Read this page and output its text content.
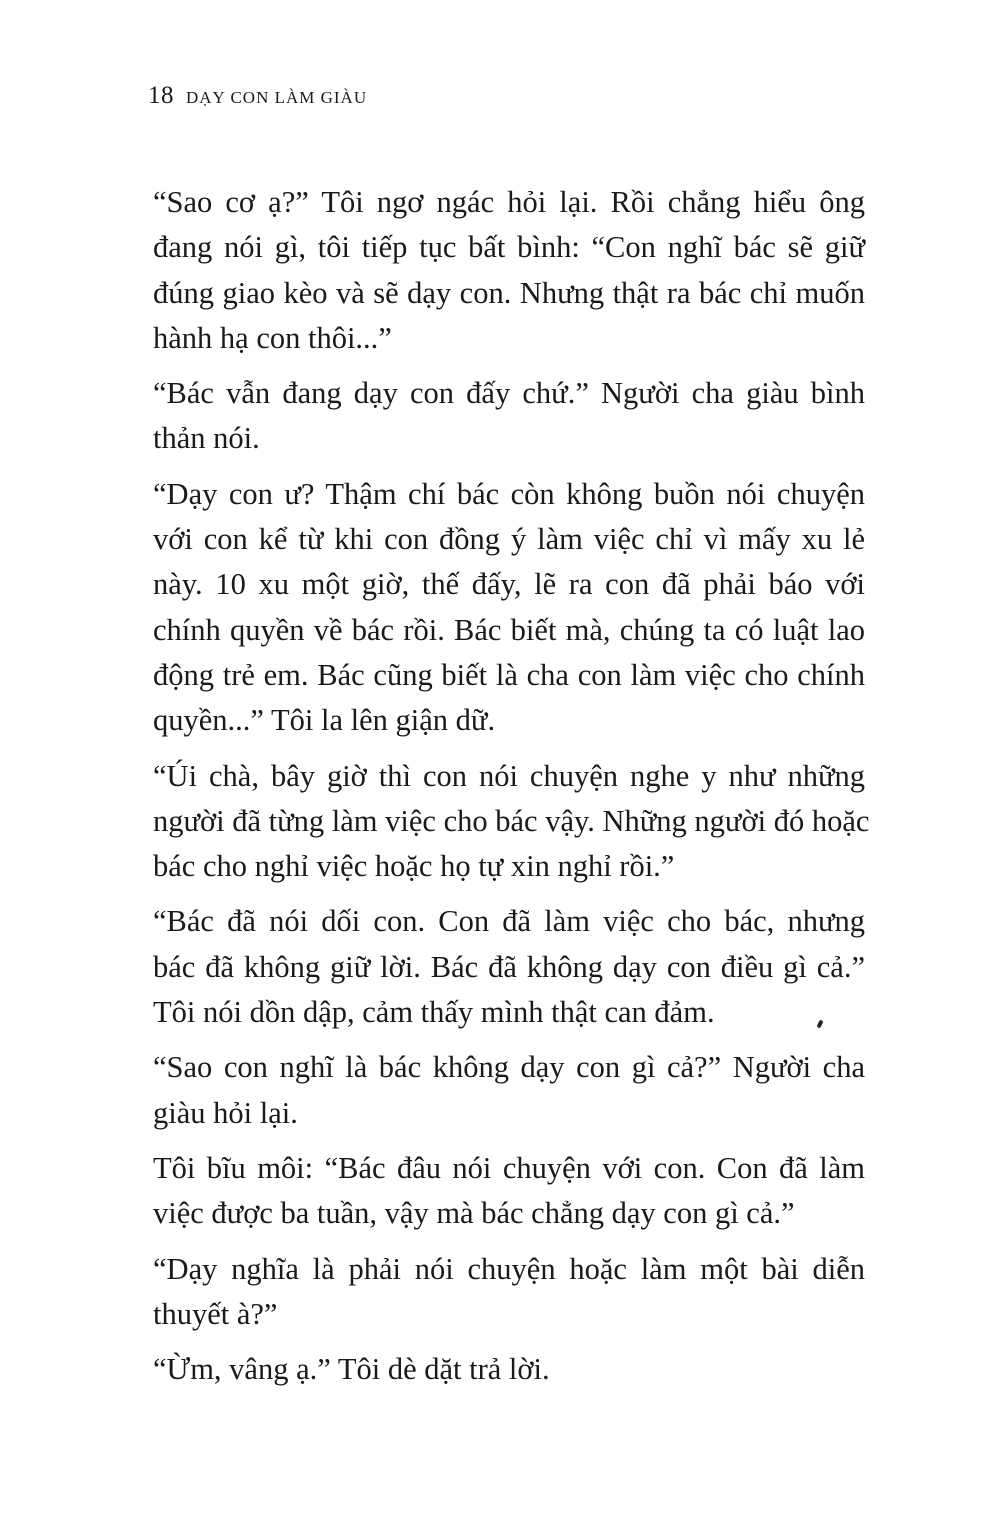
18 DẠY CON LÀM GIÀU

“Sao cơ ạ?” Tôi ngơ ngác hỏi lại. Rồi chẳng hiểu ông
đang nói gì, tôi tiếp tục bất bình: “Con nghĩ bác sẽ giữ
đúng giao kèo và sẽ dạy con. Nhưng thật ra bác chỉ muốn
hành hạ con thôi...”

“Bác vẫn đang dạy con đấy chứ.” Người cha giàu bình
thản nói.

“Dạy con ư? Thậm chí bác còn không buồn nói chuyện
với con kể từ khi con đồng ý làm việc chỉ vì mấy xu lẻ
này. 10 xu một giờ, thế đấy, lẽ ra con đã phải báo với
chính quyền về bác rồi. Bác biết mà, chúng ta có luật lao
động trẻ em. Bác cũng biết là cha con làm việc cho chính
quyền...” Tôi la lên giận dữ.

“Úi chà, bây giờ thì con nói chuyện nghe y như những
người đã từng làm việc cho bác vậy. Những người đó hoặc
bác cho nghỉ việc hoặc họ tự xin nghỉ rồi.”

“Bác đã nói dối con. Con đã làm việc cho bác, nhưng
bác đã không giữ lời. Bác đã không dạy con điều gì cả.”
Tôi nói dồn dập, cảm thấy mình thật can đảm.

“Sao con nghĩ là bác không dạy con gì cả?” Người cha
giàu hỏi lại.

Tôi bĩu môi: “Bác đâu nói chuyện với con. Con đã làm
việc được ba tuần, vậy mà bác chẳng dạy con gì cả.”

“Dạy nghĩa là phải nói chuyện hoặc làm một bài diễn
thuyết à?”

“Ừm, vâng ạ.” Tôi dè dặt trả lời.
